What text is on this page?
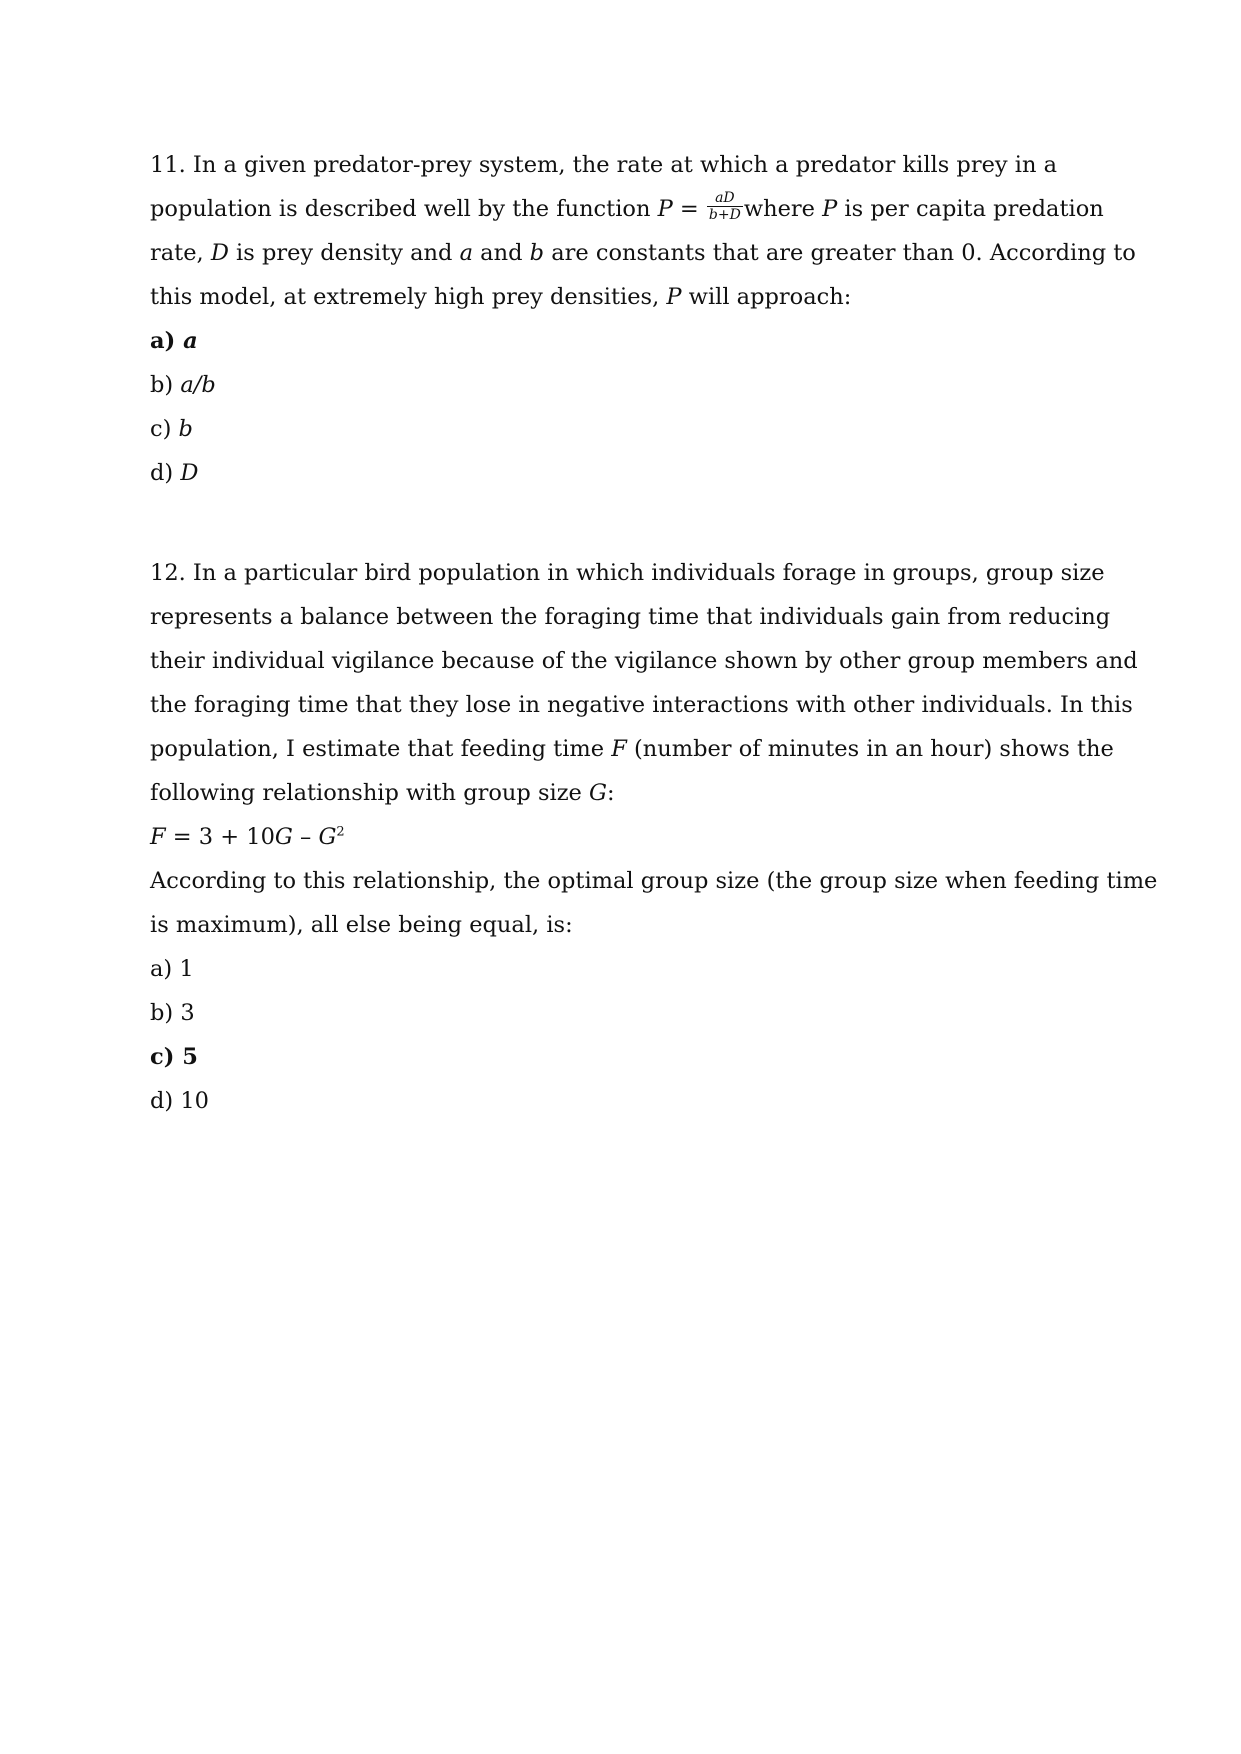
11. In a given predator-prey system, the rate at which a predator kills prey in a
population is described well by the function $P = \frac{aD}{b+D}$ where P is per capita predation
rate, D is prey density and a and b are constants that are greater than 0. According to
this model, at extremely high prey densities, P will approach:
a) a
b) a/b
c) b
d) D
12. In a particular bird population in which individuals forage in groups, group size
represents a balance between the foraging time that individuals gain from reducing
their individual vigilance because of the vigilance shown by other group members and
the foraging time that they lose in negative interactions with other individuals. In this
population, I estimate that feeding time F (number of minutes in an hour) shows the
following relationship with group size G:
$F = 3 + 10G - G^2$
According to this relationship, the optimal group size (the group size when feeding time
is maximum), all else being equal, is:
a) 1
b) 3
c) 5
d) 10
